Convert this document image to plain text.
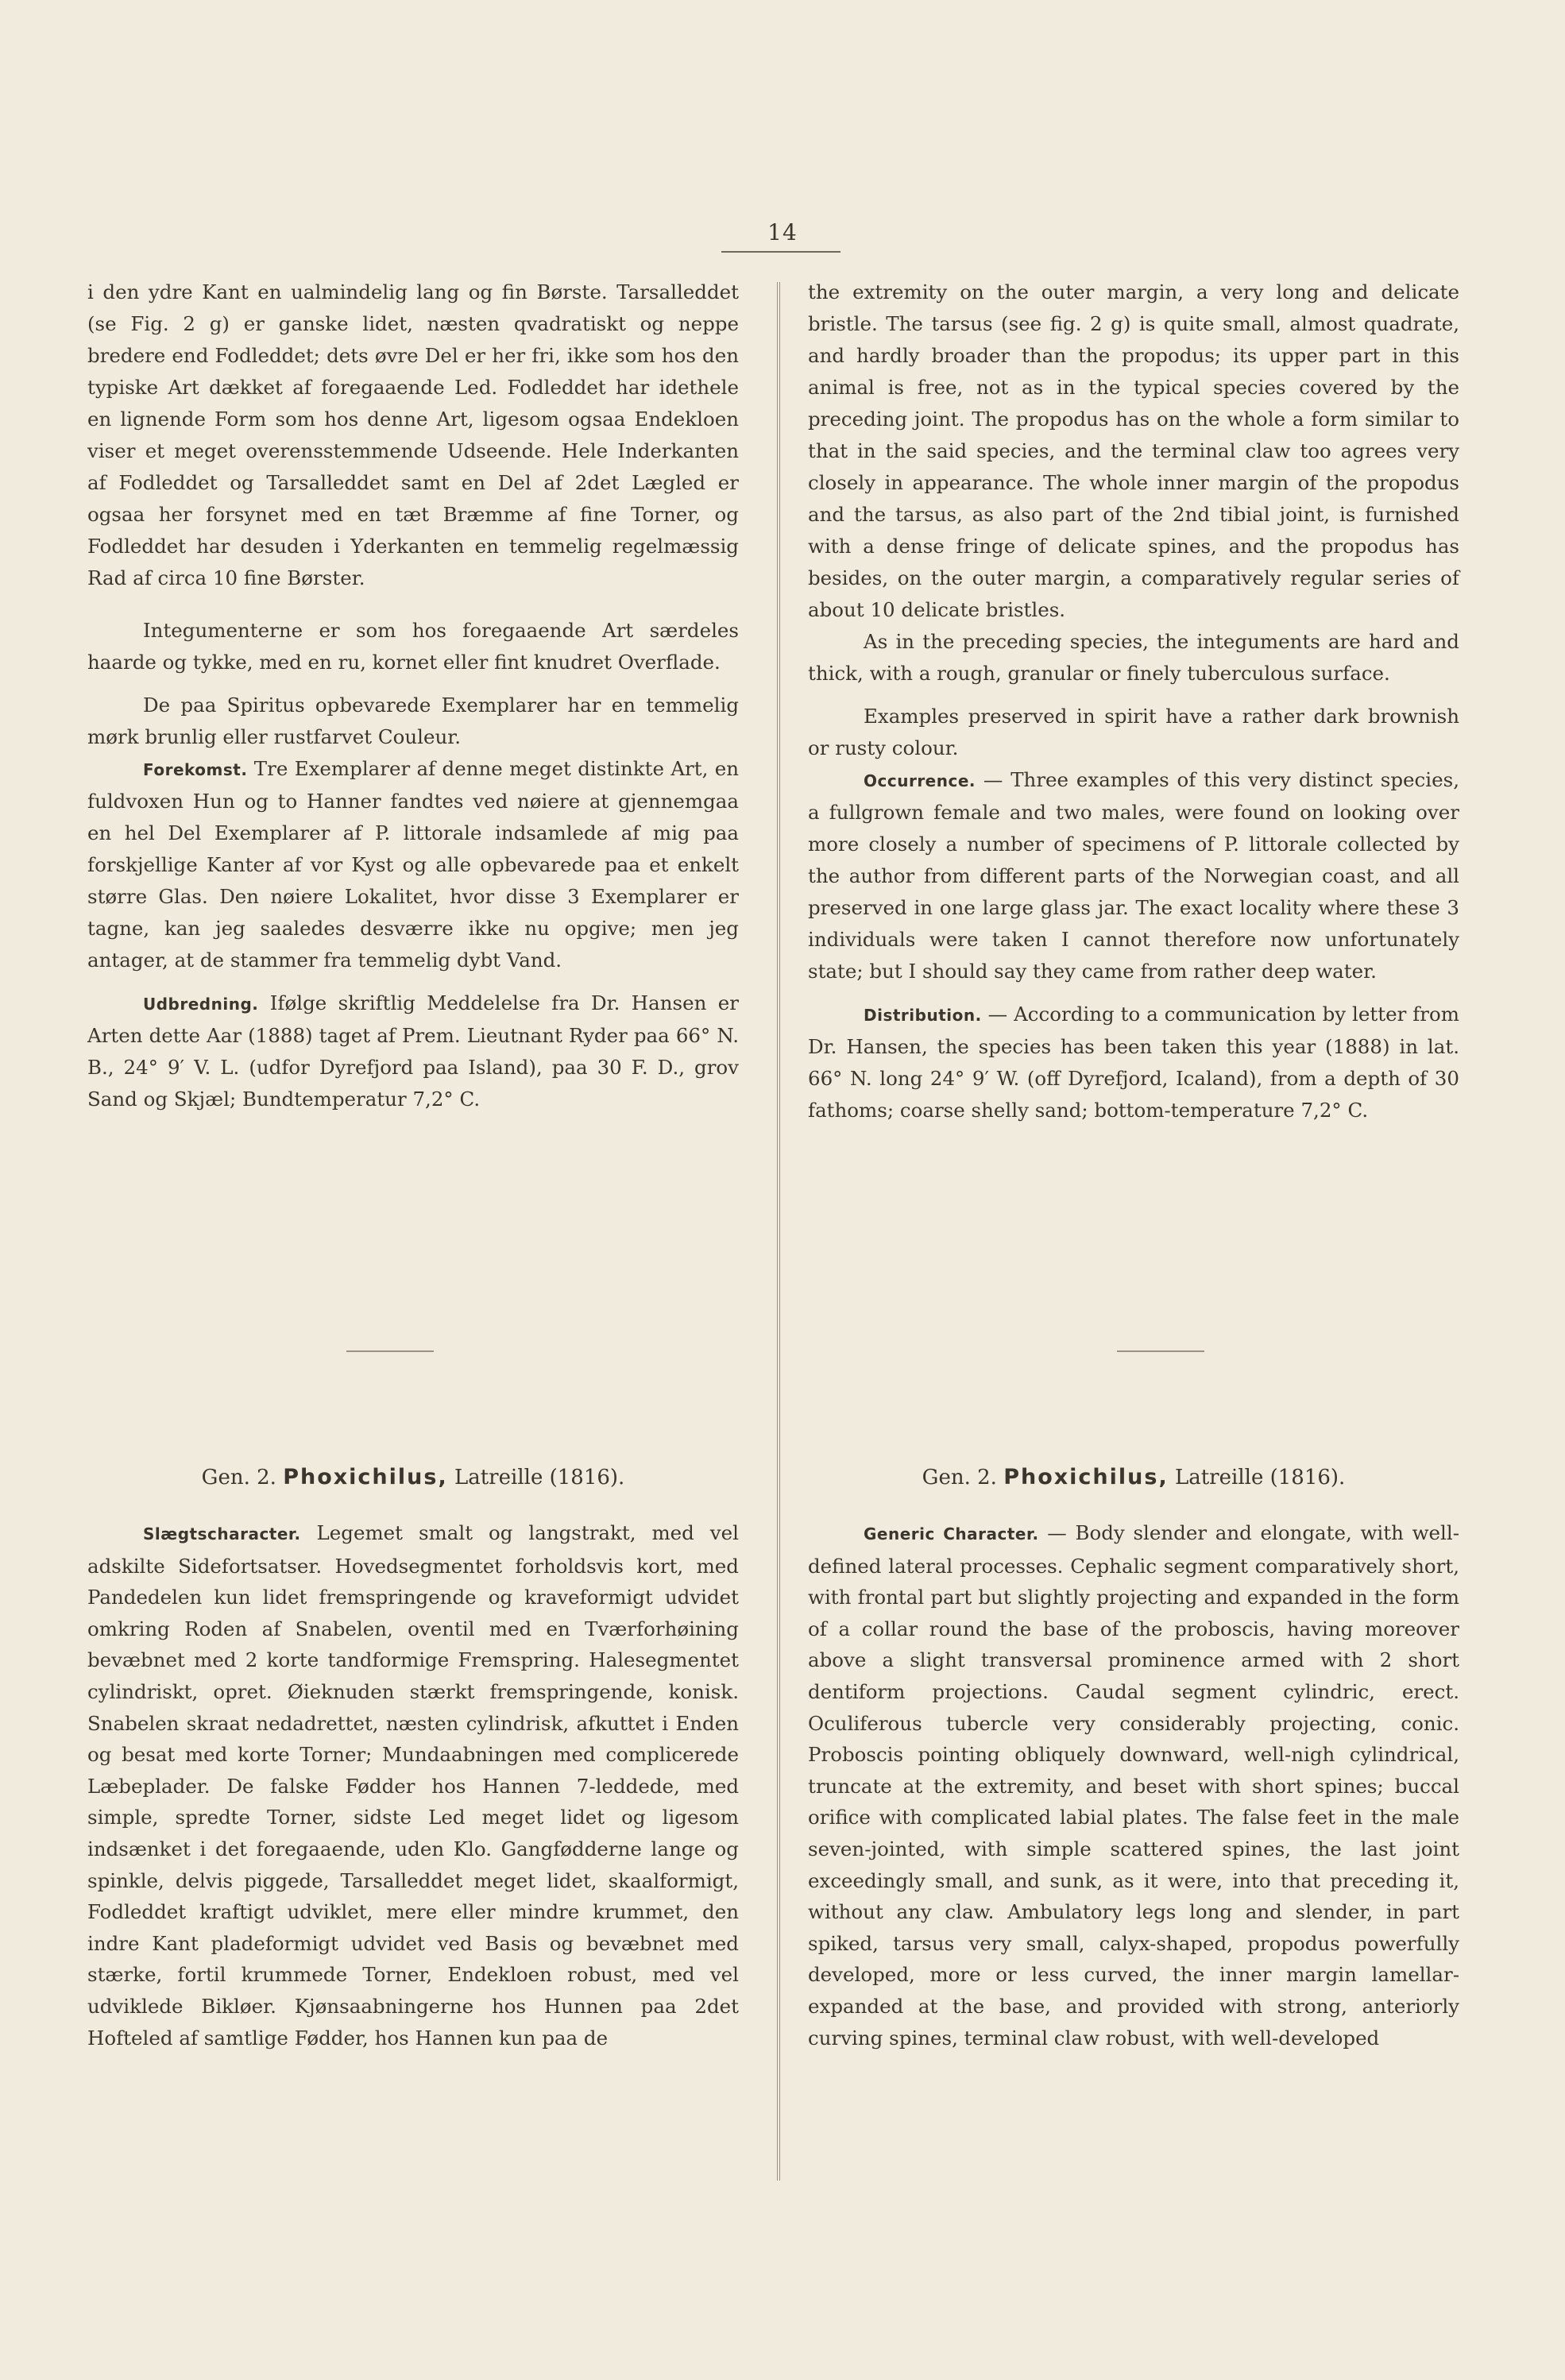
14

i den ydre Kant en ualmindelig lang og fin Børste. Tarsalleddet (se Fig. 2 g) er ganske lidet, næsten qvadratiskt og neppe bredere end Fodleddet; dets øvre Del er her fri, ikke som hos den typiske Art dækket af foregaaende Led. Fodleddet har idethele en lignende Form som hos denne Art, ligesom ogsaa Endekloen viser et meget overensstemmende Udseende. Hele Inderkanten af Fodleddet og Tarsalleddet samt en Del af 2det Lægled er ogsaa her forsynet med en tæt Bræmme af fine Torner, og Fodleddet har desuden i Yderkanten en temmelig regelmæssig Rad af circa 10 fine Børster.

Integumenterne er som hos foregaaende Art særdeles haarde og tykke, med en ru, kornet eller fint knudret Overflade.

De paa Spiritus opbevarede Exemplarer har en temmelig mørk brunlig eller rustfarvet Couleur.

Forekomst. Tre Exemplarer af denne meget distinkte Art, en fuldvoxen Hun og to Hanner fandtes ved nøiere at gjennemgaa en hel Del Exemplarer af P. littorale indsamlede af mig paa forskjellige Kanter af vor Kyst og alle opbevarede paa et enkelt større Glas. Den nøiere Lokalitet, hvor disse 3 Exemplarer er tagne, kan jeg saaledes desværre ikke nu opgive; men jeg antager, at de stammer fra temmelig dybt Vand.

Udbredning. Ifølge skriftlig Meddelelse fra Dr. Hansen er Arten dette Aar (1888) taget af Prem. Lieutnant Ryder paa 66° N. B., 24° 9′ V. L. (udfor Dyrefjord paa Island), paa 30 F. D., grov Sand og Skjæl; Bundtemperatur 7,2° C.

the extremity on the outer margin, a very long and delicate bristle. The tarsus (see fig. 2 g) is quite small, almost quadrate, and hardly broader than the propodus; its upper part in this animal is free, not as in the typical species covered by the preceding joint. The propodus has on the whole a form similar to that in the said species, and the terminal claw too agrees very closely in appearance. The whole inner margin of the propodus and the tarsus, as also part of the 2nd tibial joint, is furnished with a dense fringe of delicate spines, and the propodus has besides, on the outer margin, a comparatively regular series of about 10 delicate bristles.

As in the preceding species, the integuments are hard and thick, with a rough, granular or finely tuberculous surface.

Examples preserved in spirit have a rather dark brownish or rusty colour.

Occurrence. — Three examples of this very distinct species, a fullgrown female and two males, were found on looking over more closely a number of specimens of P. littorale collected by the author from different parts of the Norwegian coast, and all preserved in one large glass jar. The exact locality where these 3 individuals were taken I cannot therefore now unfortunately state; but I should say they came from rather deep water.

Distribution. — According to a communication by letter from Dr. Hansen, the species has been taken this year (1888) in lat. 66° N. long 24° 9′ W. (off Dyrefjord, Icaland), from a depth of 30 fathoms; coarse shelly sand; bottom-temperature 7,2° C.

Gen. 2. Phoxichilus, Latreille (1816).

Slægtscharacter. Legemet smalt og langstrakt, med vel adskilte Sidefortsatser. Hovedsegmentet forholdsvis kort, med Pandedelen kun lidet fremspringende og kraveformigt udvidet omkring Roden af Snabelen, oventil med en Tværforhøining bevæbnet med 2 korte tandformige Fremspring. Halesegmentet cylindriskt, opret. Øieknuden stærkt fremspringende, konisk. Snabelen skraat nedadrettet, næsten cylindrisk, afkuttet i Enden og besat med korte Torner; Mundaabningen med complicerede Læbeplader. De falske Fødder hos Hannen 7-leddede, med simple, spredte Torner, sidste Led meget lidet og ligesom indsænket i det foregaaende, uden Klo. Gangfødderne lange og spinkle, delvis piggede, Tarsalleddet meget lidet, skaalformigt, Fodleddet kraftigt udviklet, mere eller mindre krummet, den indre Kant pladeformigt udvidet ved Basis og bevæbnet med stærke, fortil krummede Torner, Endekloen robust, med vel udviklede Bikløer. Kjønsaabningerne hos Hunnen paa 2det Hofteled af samtlige Fødder, hos Hannen kun paa de

Gen. 2. Phoxichilus, Latreille (1816).

Generic Character. — Body slender and elongate, with well-defined lateral processes. Cephalic segment comparatively short, with frontal part but slightly projecting and expanded in the form of a collar round the base of the proboscis, having moreover above a slight transversal prominence armed with 2 short dentiform projections. Caudal segment cylindric, erect. Oculiferous tubercle very considerably projecting, conic. Proboscis pointing obliquely downward, well-nigh cylindrical, truncate at the extremity, and beset with short spines; buccal orifice with complicated labial plates. The false feet in the male seven-jointed, with simple scattered spines, the last joint exceedingly small, and sunk, as it were, into that preceding it, without any claw. Ambulatory legs long and slender, in part spiked, tarsus very small, calyx-shaped, propodus powerfully developed, more or less curved, the inner margin lamellar-expanded at the base, and provided with strong, anteriorly curving spines, terminal claw robust, with well-developed
